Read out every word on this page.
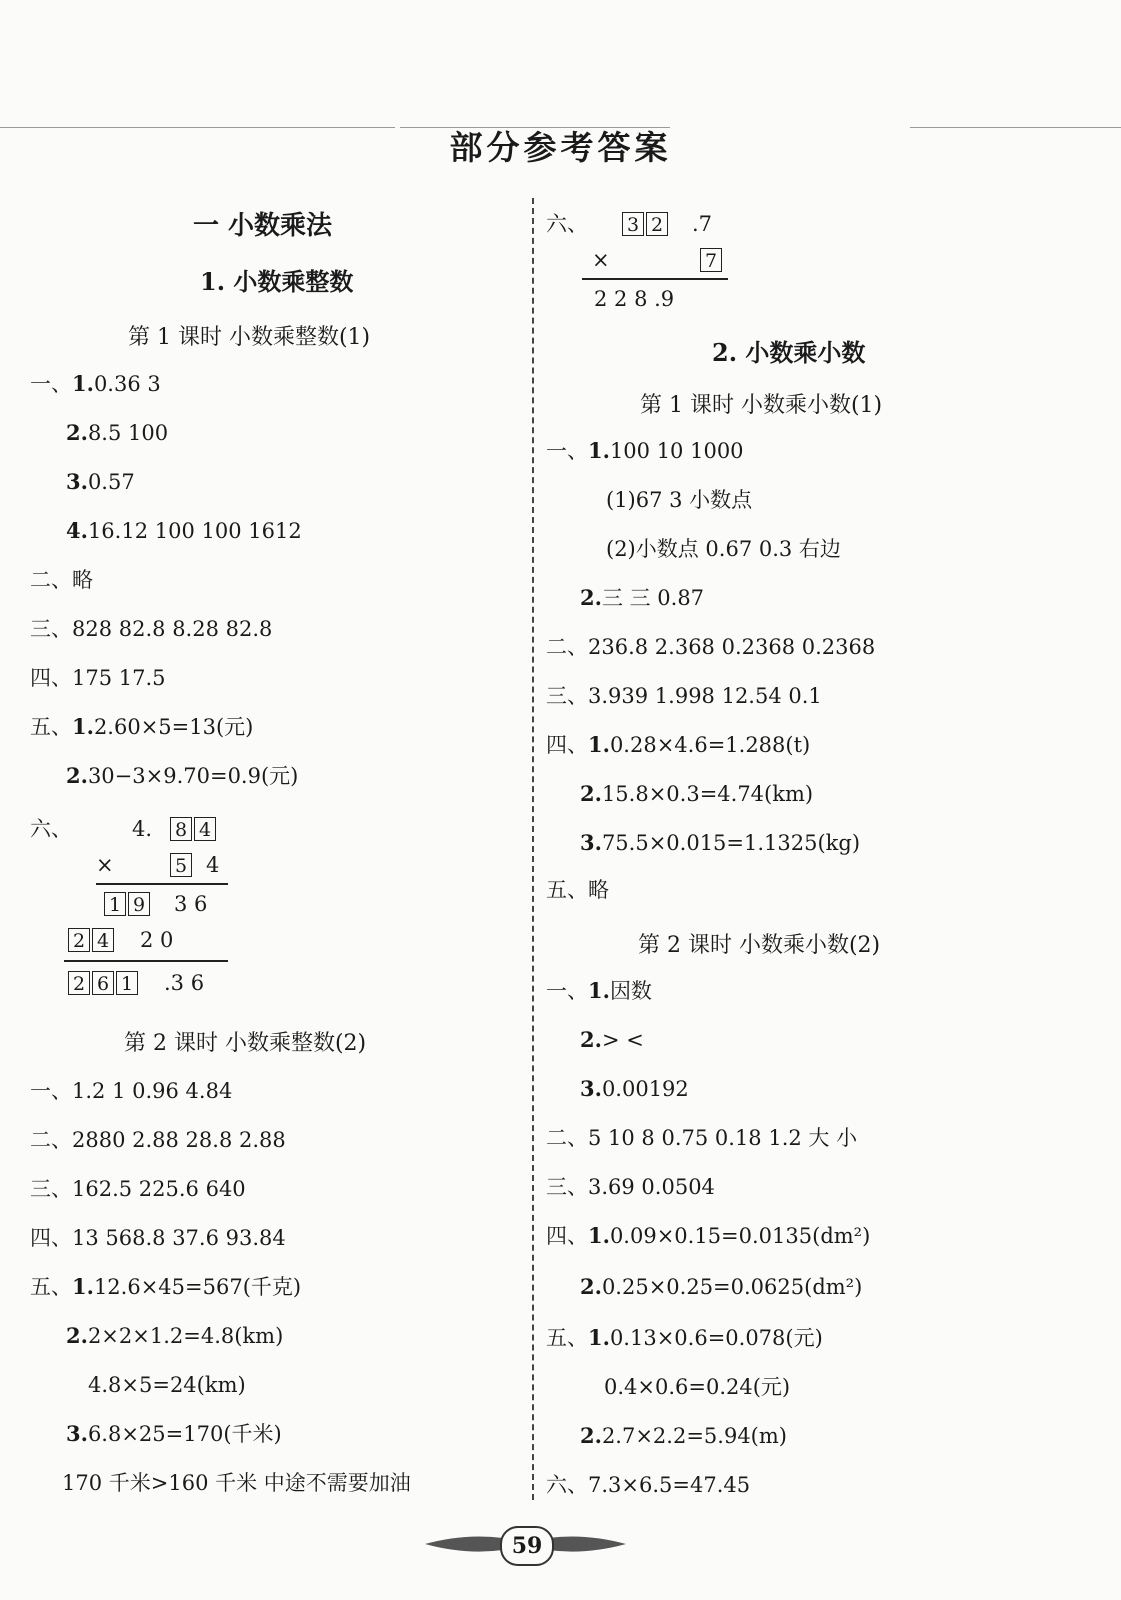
部分参考答案
一 小数乘法
1. 小数乘整数
第 1 课时 小数乘整数(1)
一、1.0.36 3
2.8.5 100
3.0.57
4.16.12 100 100 1612
二、略
三、828 82.8 8.28 82.8
四、175 17.5
五、1.2.60×5=13(元)
2.30−3×9.70=0.9(元)
六、	4. 8 4
×	5 4
1 9	3 6
2 4	2 0
2 6 1	.3 6
第 2 课时 小数乘整数(2)
一、1.2 1 0.96 4.84
二、2880 2.88 28.8 2.88
三、162.5 225.6 640
四、13 568.8 37.6 93.84
五、1.12.6×45=567(千克)
2.2×2×1.2=4.8(km)
4.8×5=24(km)
3.6.8×25=170(千米)
170 千米>160 千米 中途不需要加油
六、 3 2	.7
×	7
2 2 8 .9
2. 小数乘小数
第 1 课时 小数乘小数(1)
一、1.100 10 1000
(1)67 3 小数点
(2)小数点 0.67 0.3 右边
2.三 三 0.87
二、236.8 2.368 0.2368 0.2368
三、3.939 1.998 12.54 0.1
四、1.0.28×4.6=1.288(t)
2.15.8×0.3=4.74(km)
3.75.5×0.015=1.1325(kg)
五、略
第 2 课时 小数乘小数(2)
一、1.因数
2.> <
3.0.00192
二、5 10 8 0.75 0.18 1.2 大 小
三、3.69 0.0504
四、1.0.09×0.15=0.0135(dm²)
2.0.25×0.25=0.0625(dm²)
五、1.0.13×0.6=0.078(元)
0.4×0.6=0.24(元)
2.2.7×2.2=5.94(m)
六、7.3×6.5=47.45
59
